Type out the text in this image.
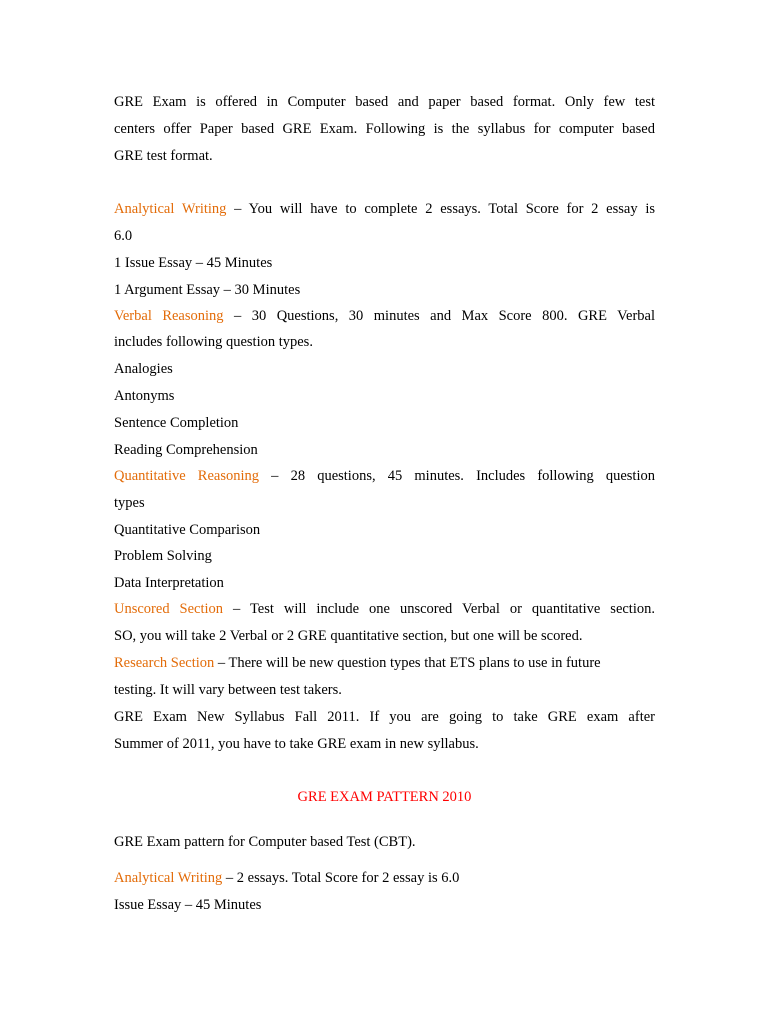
GRE Exam is offered in Computer based and paper based format. Only few test
centers offer Paper based GRE Exam. Following is the syllabus for computer based
GRE test format.
Analytical Writing – You will have to complete 2 essays. Total Score for 2 essay is
6.0
1 Issue Essay – 45 Minutes
1 Argument Essay – 30 Minutes
Verbal Reasoning – 30 Questions, 30 minutes and Max Score 800. GRE Verbal
includes following question types.
Analogies
Antonyms
Sentence Completion
Reading Comprehension
Quantitative Reasoning – 28 questions, 45 minutes. Includes following question
types
Quantitative Comparison
Problem Solving
Data Interpretation
Unscored Section – Test will include one unscored Verbal or quantitative section.
SO, you will take 2 Verbal or 2 GRE quantitative section, but one will be scored.
Research Section – There will be new question types that ETS plans to use in future
testing. It will vary between test takers.
GRE Exam New Syllabus Fall 2011. If you are going to take GRE exam after
Summer of 2011, you have to take GRE exam in new syllabus.
GRE EXAM PATTERN 2010
GRE Exam pattern for Computer based Test (CBT).
Analytical Writing – 2 essays. Total Score for 2 essay is 6.0
Issue Essay – 45 Minutes
